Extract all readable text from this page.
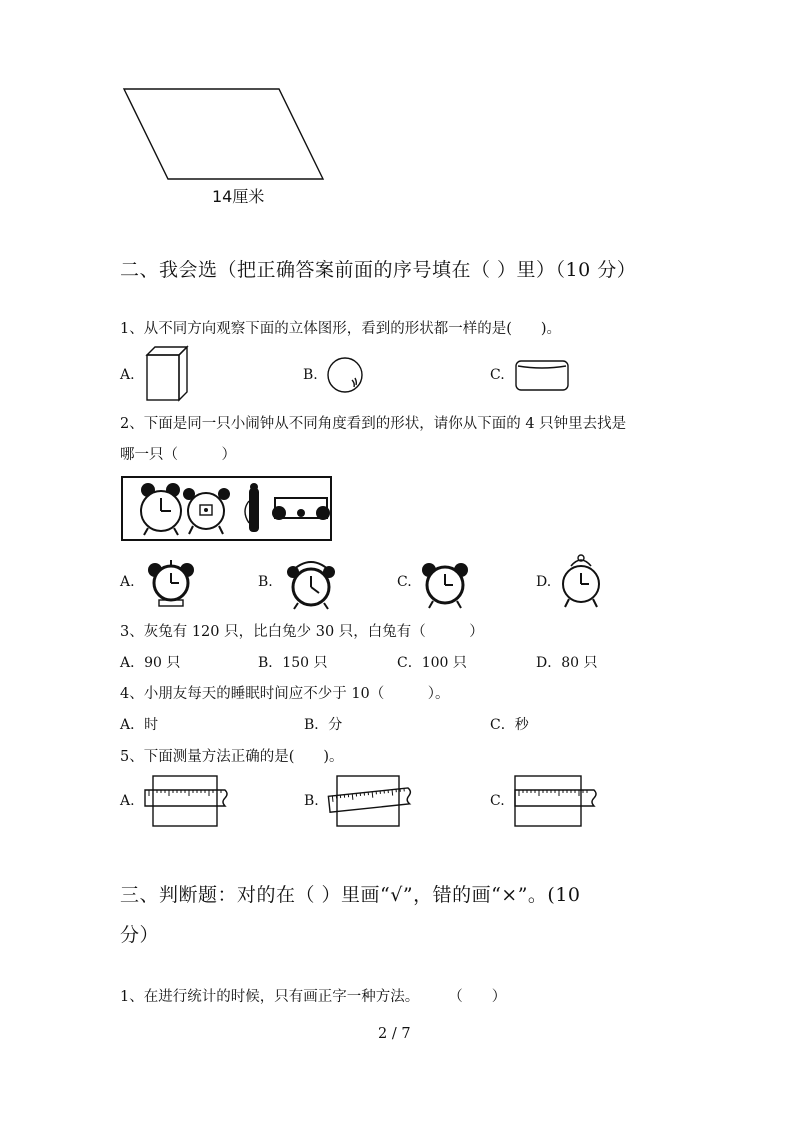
14厘米
二、我会选（把正确答案前面的序号填在（ ）里）（10 分）
1、从不同方向观察下面的立体图形，看到的形状都一样的是(　　)。
A.	B.	C.
2、下面是同一只小闹钟从不同角度看到的形状，请你从下面的 4 只钟里去找是
哪一只（　　　）
A.	B.	C.	D.
3、灰兔有 120 只，比白兔少 30 只，白兔有（　　　）
A．90 只	B．150 只	C．100 只	D．80 只
4、小朋友每天的睡眠时间应不少于 10（　　　）。
A．时	B．分	C．秒
5、下面测量方法正确的是(　　)。
A.	B.	C.
三、判断题：对的在（ ）里画“√”，错的画“×”。(10
分）
1、在进行统计的时候，只有画正字一种方法。　　　（　　）
2 / 7
